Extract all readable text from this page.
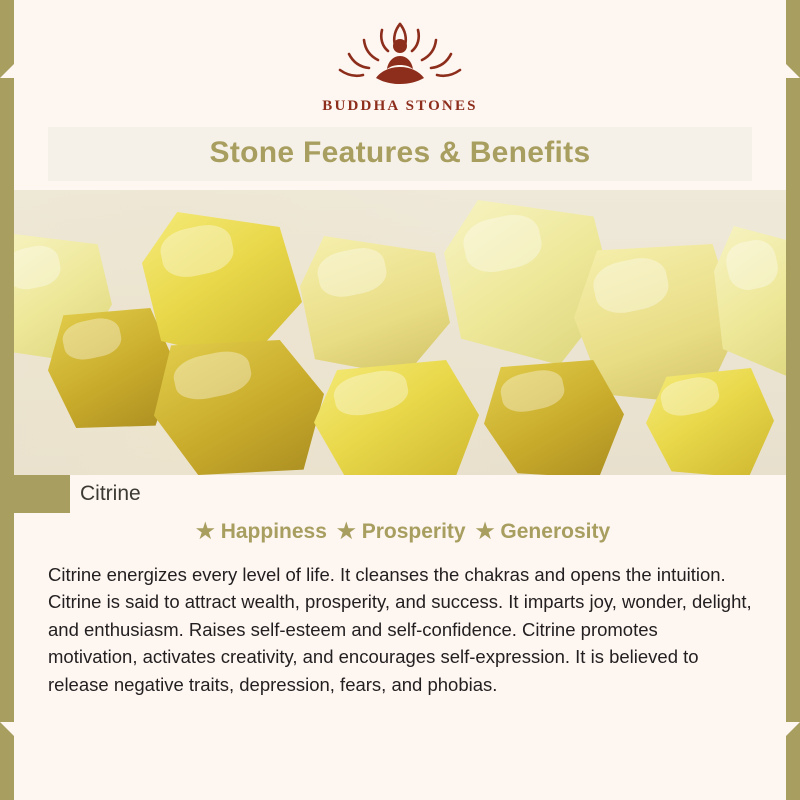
BUDDHA STONES
Stone Features & Benefits
Citrine
★ Happiness ★ Prosperity ★ Generosity
Citrine energizes every level of life. It cleanses the chakras and opens the intuition. Citrine is said to attract wealth, prosperity, and success. It imparts joy, wonder, delight, and enthusiasm. Raises self-esteem and self-confidence. Citrine promotes motivation, activates creativity, and encourages self-expression. It is believed to release negative traits, depression, fears, and phobias.
